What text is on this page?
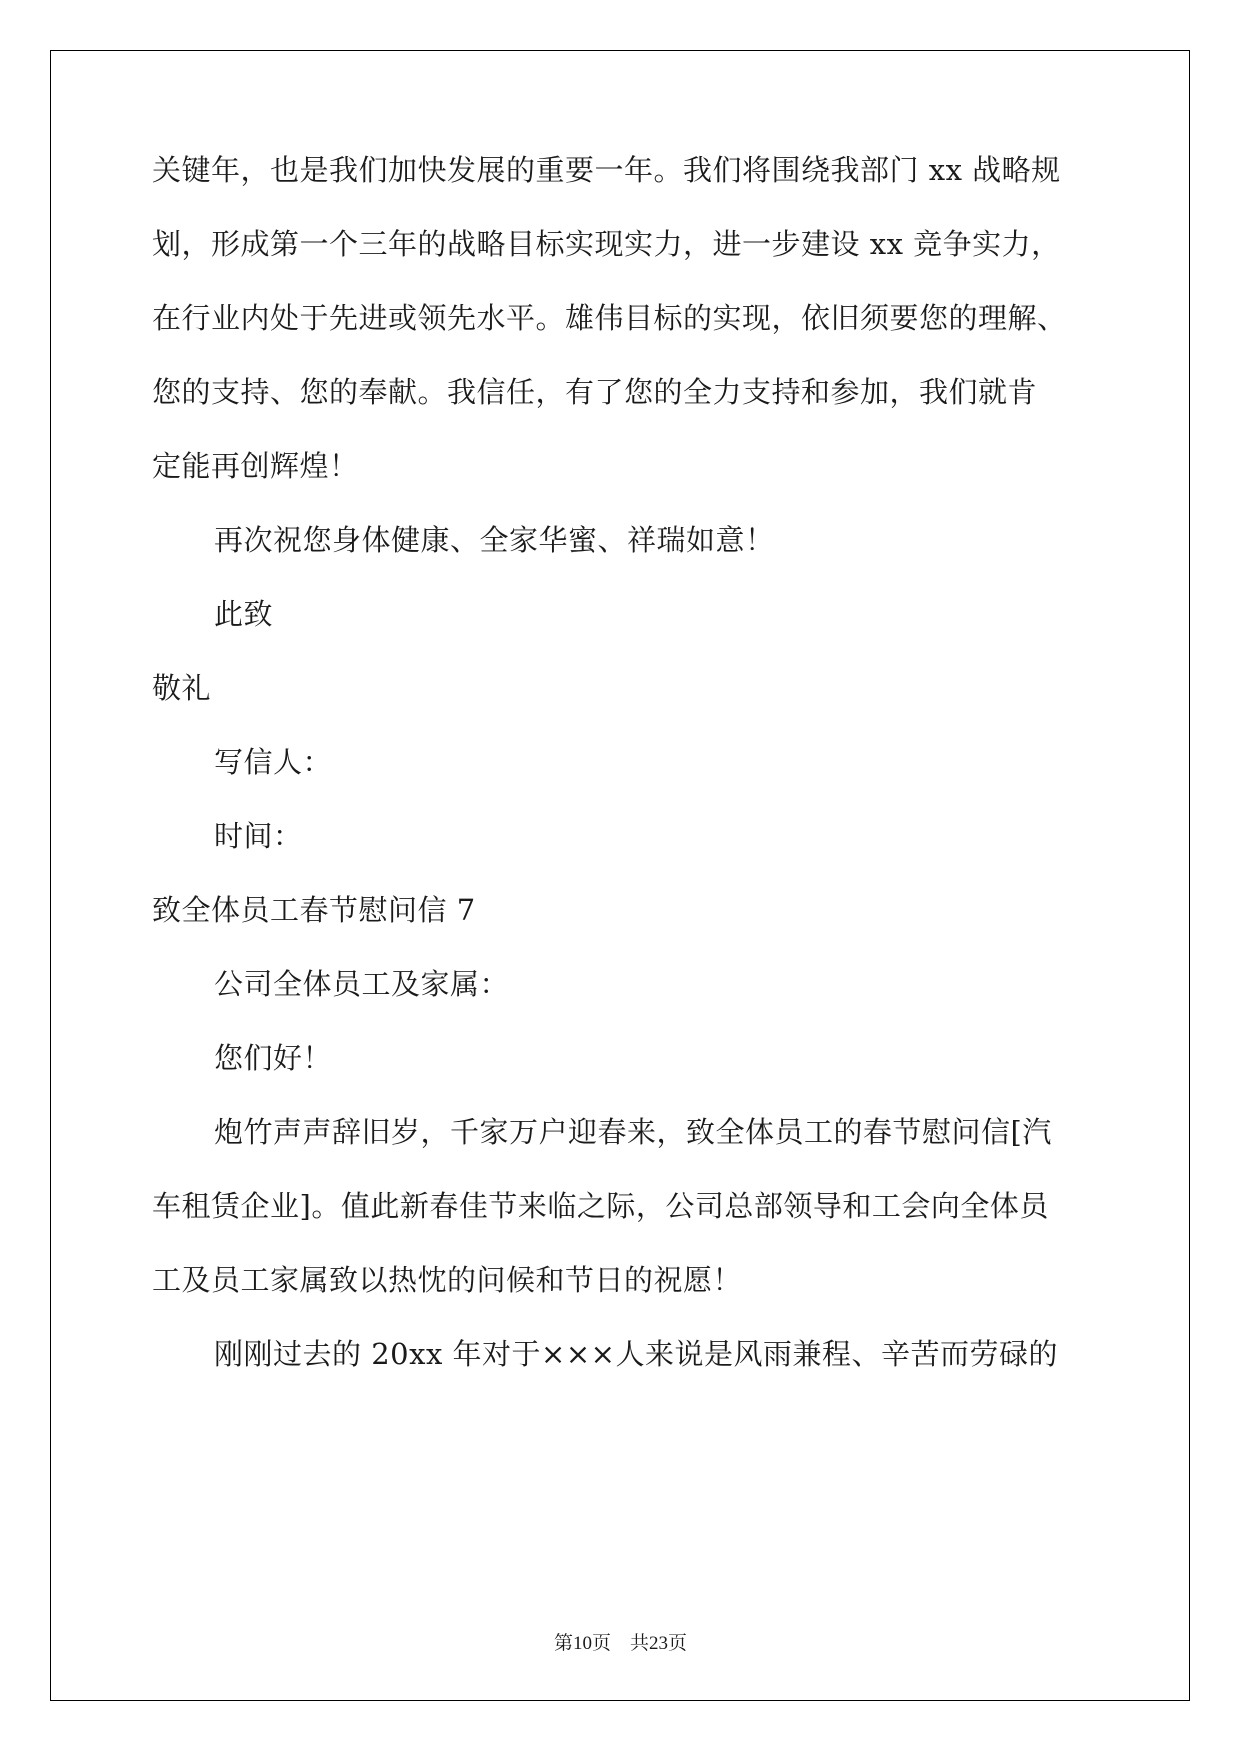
关键年，也是我们加快发展的重要一年。我们将围绕我部门 xx 战略规

划，形成第一个三年的战略目标实现实力，进一步建设 xx 竞争实力，

在行业内处于先进或领先水平。雄伟目标的实现，依旧须要您的理解、

您的支持、您的奉献。我信任，有了您的全力支持和参加，我们就肯

定能再创辉煌！

再次祝您身体健康、全家华蜜、祥瑞如意！

此致

敬礼

写信人：

时间：

致全体员工春节慰问信 7

公司全体员工及家属：

您们好！

炮竹声声辞旧岁，千家万户迎春来，致全体员工的春节慰问信[汽

车租赁企业]。值此新春佳节来临之际，公司总部领导和工会向全体员

工及员工家属致以热忱的问候和节日的祝愿！

刚刚过去的 20xx 年对于×××人来说是风雨兼程、辛苦而劳碌的

第10页　共23页
